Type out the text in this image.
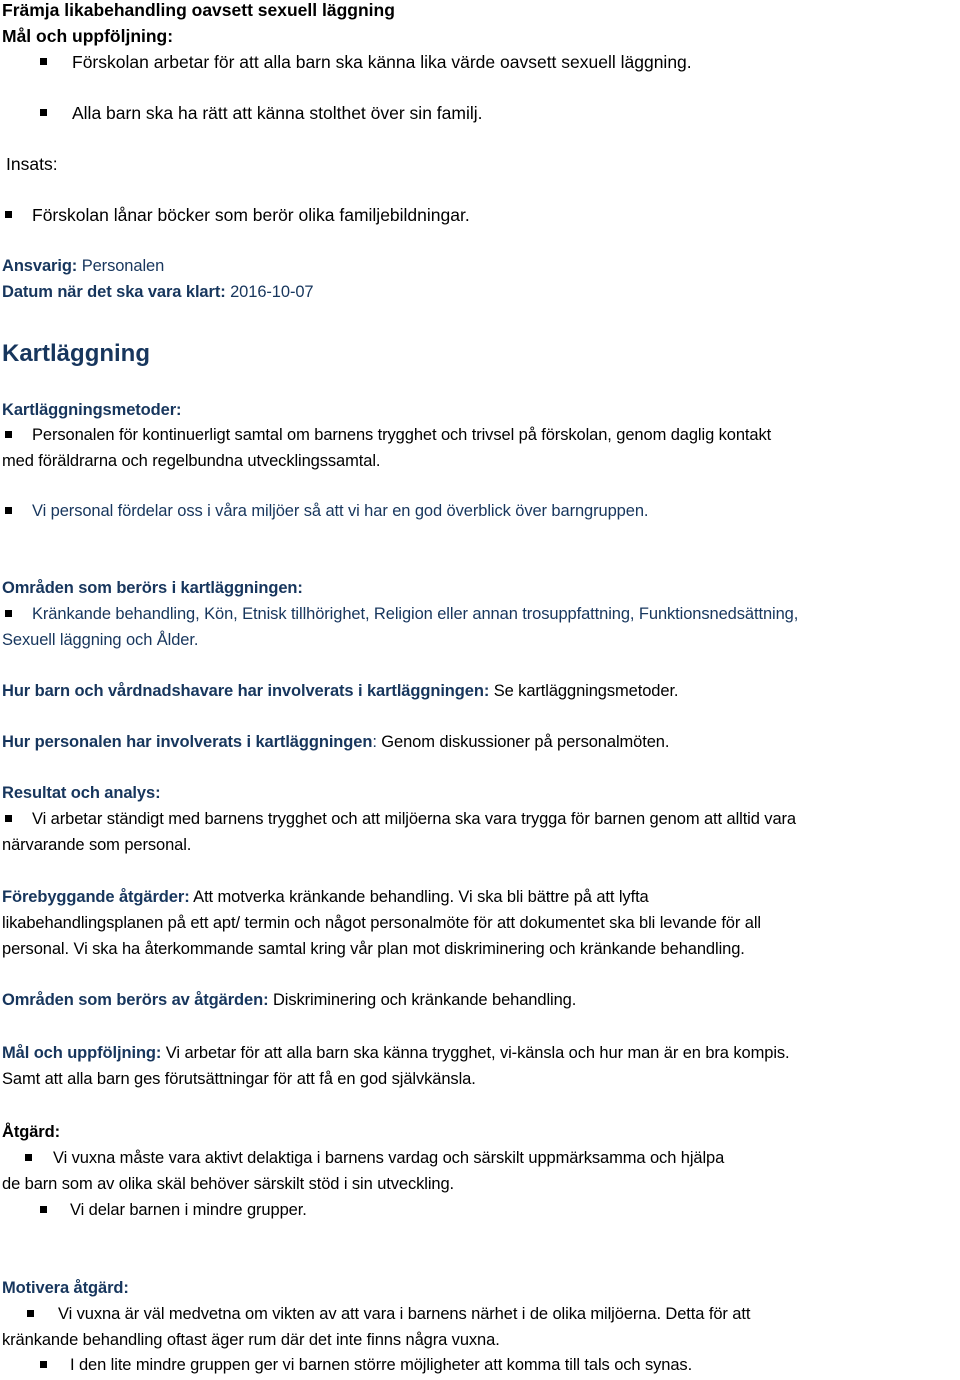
Främja likabehandling oavsett sexuell läggning
Mål och uppföljning:
Förskolan arbetar för att alla barn ska känna lika värde oavsett sexuell läggning.
Alla barn ska ha rätt att känna stolthet över sin familj.
Insats:
Förskolan lånar böcker som berör olika familjebildningar.
Ansvarig: Personalen
Datum när det ska vara klart: 2016-10-07
Kartläggning
Kartläggningsmetoder:
Personalen för kontinuerligt samtal om barnens trygghet och trivsel på förskolan, genom daglig kontakt
med föräldrarna och regelbundna utvecklingssamtal.
Vi personal fördelar oss i våra miljöer så att vi har en god överblick över barngruppen.
Områden som berörs i kartläggningen:
Kränkande behandling, Kön, Etnisk tillhörighet, Religion eller annan trosuppfattning, Funktionsnedsättning,
Sexuell läggning och Ålder.
Hur barn och vårdnadshavare har involverats i kartläggningen: Se kartläggningsmetoder.
Hur personalen har involverats i kartläggningen: Genom diskussioner på personalmöten.
Resultat och analys:
Vi arbetar ständigt med barnens trygghet och att miljöerna ska vara trygga för barnen genom att alltid vara
närvarande som personal.
Förebyggande åtgärder: Att motverka kränkande behandling. Vi ska bli bättre på att lyfta
likabehandlingsplanen på ett apt/ termin och något personalmöte för att dokumentet ska bli levande för all
personal. Vi ska ha återkommande samtal kring vår plan mot diskriminering och kränkande behandling.
Områden som berörs av åtgärden: Diskriminering och kränkande behandling.
Mål och uppföljning: Vi arbetar för att alla barn ska känna trygghet, vi-känsla och hur man är en bra kompis.
Samt att alla barn ges förutsättningar för att få en god självkänsla.
Åtgärd:
Vi vuxna måste vara aktivt delaktiga i barnens vardag och särskilt uppmärksamma och hjälpa
de barn som av olika skäl behöver särskilt stöd i sin utveckling.
Vi delar barnen i mindre grupper.
Motivera åtgärd:
Vi vuxna är väl medvetna om vikten av att vara i barnens närhet i de olika miljöerna. Detta för att
kränkande behandling oftast äger rum där det inte finns några vuxna.
I den lite mindre gruppen ger vi barnen större möjligheter att komma till tals och synas.
